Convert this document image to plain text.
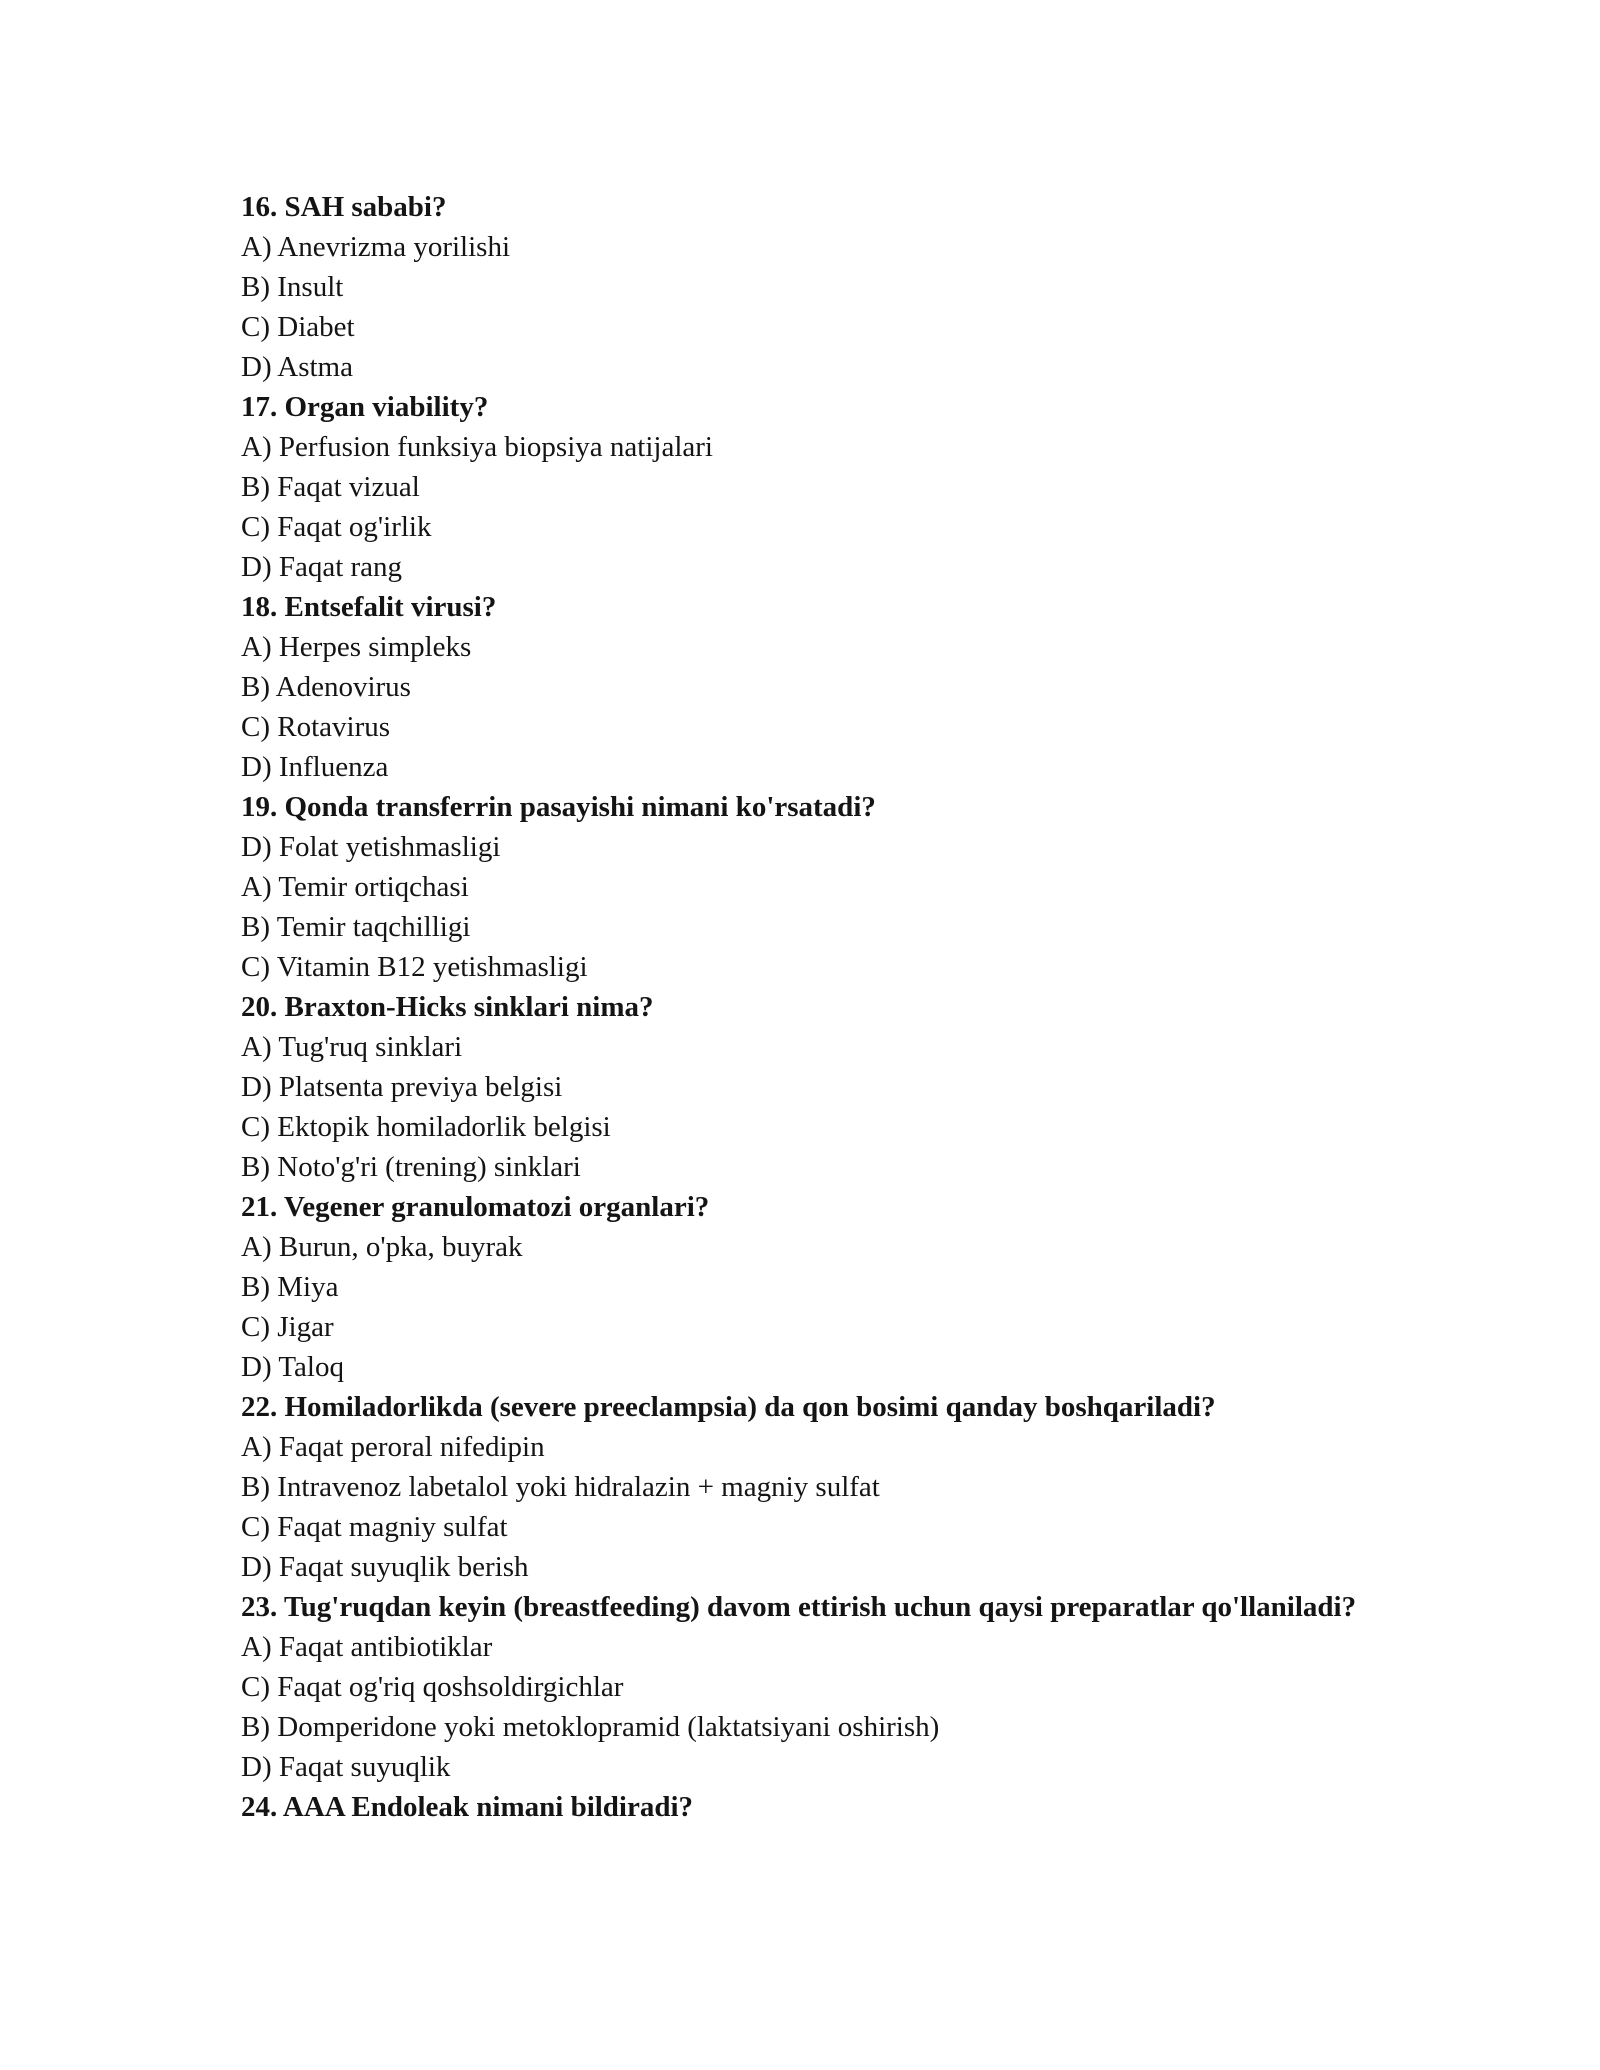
16. SAH sababi?

A) Anevrizma yorilishi

B) Insult

C) Diabet

D) Astma

17. Organ viability?

A) Perfusion funksiya biopsiya natijalari

B) Faqat vizual

C) Faqat og'irlik

D) Faqat rang

18. Entsefalit virusi?

A) Herpes simpleks

B) Adenovirus

C) Rotavirus

D) Influenza

19. Qonda transferrin pasayishi nimani ko'rsatadi?

D) Folat yetishmasligi

A) Temir ortiqchasi

B) Temir taqchilligi

C) Vitamin B12 yetishmasligi

20. Braxton-Hicks sinklari nima?

A) Tug'ruq sinklari

D) Platsenta previya belgisi

C) Ektopik homiladorlik belgisi

B) Noto'g'ri (trening) sinklari

21. Vegener granulomatozi organlari?

A) Burun, o'pka, buyrak

B) Miya

C) Jigar

D) Taloq

22. Homiladorlikda (severe preeclampsia) da qon bosimi qanday boshqariladi?

A) Faqat peroral nifedipin

B) Intravenoz labetalol yoki hidralazin + magniy sulfat

C) Faqat magniy sulfat

D) Faqat suyuqlik berish

23. Tug'ruqdan keyin (breastfeeding) davom ettirish uchun qaysi preparatlar qo'llaniladi?

A) Faqat antibiotiklar

C) Faqat og'riq qoshsoldirgichlar

B) Domperidone yoki metoklopramid (laktatsiyani oshirish)

D) Faqat suyuqlik

24. AAA Endoleak nimani bildiradi?
